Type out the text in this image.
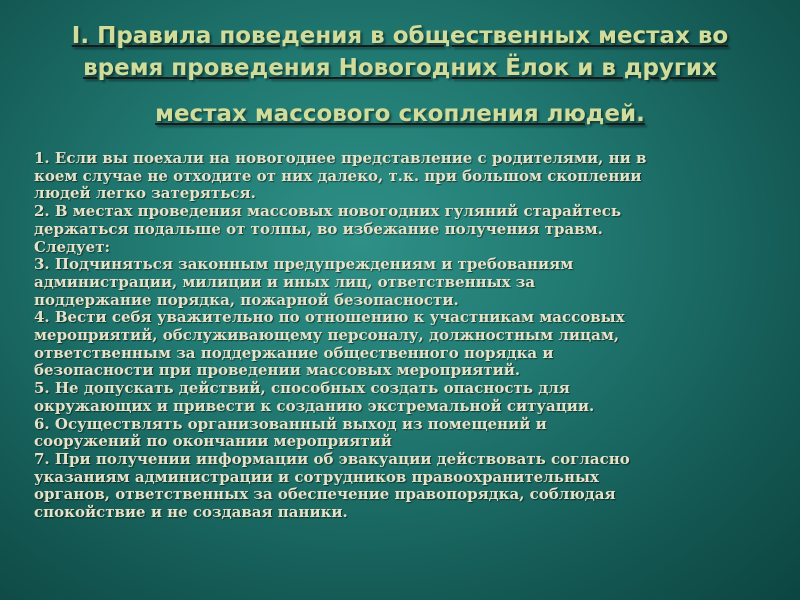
I. Правила поведения в общественных местах во
время проведения Новогодних Ёлок и в других
местах массового скопления людей.
1. Если вы поехали на новогоднее представление с родителями, ни в
коем случае не отходите от них далеко, т.к. при большом скоплении
людей легко затеряться.
2. В местах проведения массовых новогодних гуляний старайтесь
держаться подальше от толпы, во избежание получения травм.
Следует:
3. Подчиняться законным предупреждениям и требованиям
администрации, милиции и иных лиц, ответственных за
поддержание порядка, пожарной безопасности.
4. Вести себя уважительно по отношению к участникам массовых
мероприятий, обслуживающему персоналу, должностным лицам,
ответственным за поддержание общественного порядка и
безопасности при проведении массовых мероприятий.
5. Не допускать действий, способных создать опасность для
окружающих и привести к созданию экстремальной ситуации.
6. Осуществлять организованный выход из помещений и
сооружений по окончании мероприятий
7. При получении информации об эвакуации действовать согласно
указаниям администрации и сотрудников правоохранительных
органов, ответственных за обеспечение правопорядка, соблюдая
спокойствие и не создавая паники.
